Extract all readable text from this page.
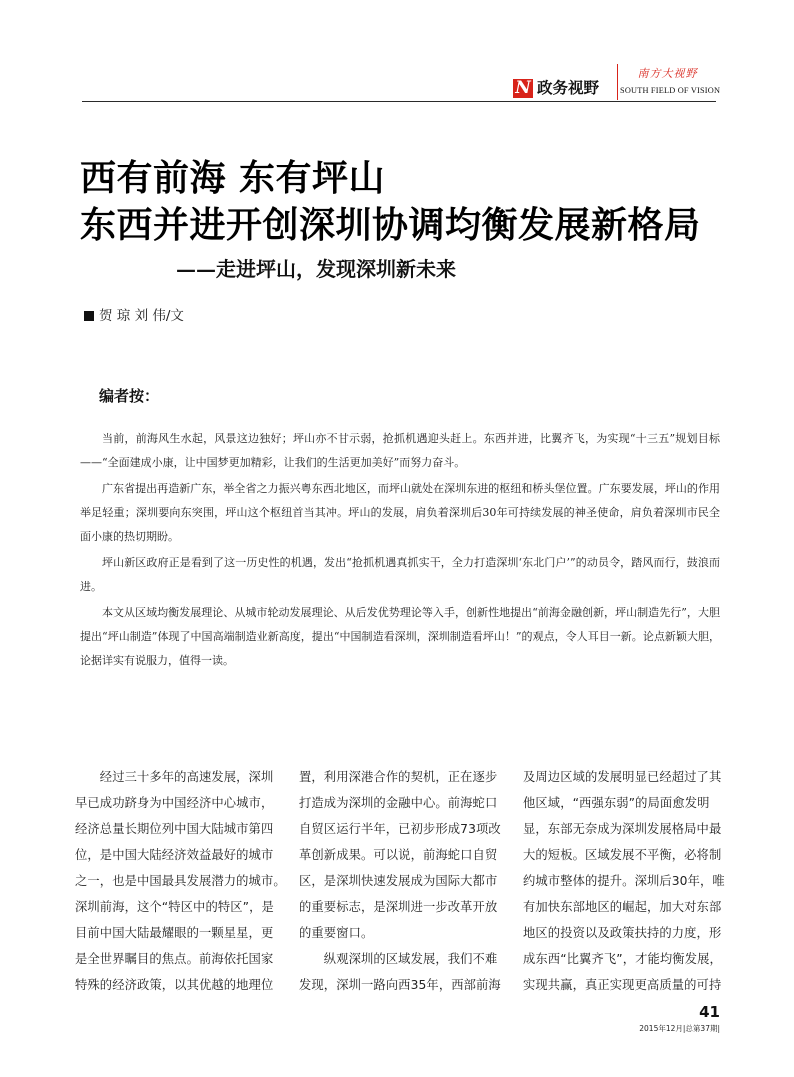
N 政务视野
南方大视野
SOUTH FIELD OF VISION
西有前海 东有坪山
东西并进开创深圳协调均衡发展新格局
——走进坪山，发现深圳新未来
贺 琼 刘 伟/文
编者按：

当前，前海风生水起，风景这边独好；坪山亦不甘示弱，抢抓机遇迎头赶上。东西并进，比翼齐飞，为实现“十三五”规划目标——“全面建成小康，让中国梦更加精彩，让我们的生活更加美好”而努力奋斗。

广东省提出再造新广东，举全省之力振兴粤东西北地区，而坪山就处在深圳东进的枢纽和桥头堡位置。广东要发展，坪山的作用举足轻重；深圳要向东突围，坪山这个枢纽首当其冲。坪山的发展，肩负着深圳后30年可持续发展的神圣使命，肩负着深圳市民全面小康的热切期盼。

坪山新区政府正是看到了这一历史性的机遇，发出“抢抓机遇真抓实干，全力打造深圳‘东北门户’”的动员令，踏风而行，鼓浪而进。

本文从区域均衡发展理论、从城市轮动发展理论、从后发优势理论等入手，创新性地提出“前海金融创新，坪山制造先行”，大胆提出“坪山制造”体现了中国高端制造业新高度，提出“中国制造看深圳，深圳制造看坪山！”的观点，令人耳目一新。论点新颖大胆，论据详实有说服力，值得一读。

　　经过三十多年的高速发展，深圳
早已成功跻身为中国经济中心城市，
经济总量长期位列中国大陆城市第四
位，是中国大陆经济效益最好的城市
之一，也是中国最具发展潜力的城市。
深圳前海，这个“特区中的特区”，是
目前中国大陆最耀眼的一颗星星，更
是全世界瞩目的焦点。前海依托国家
特殊的经济政策，以其优越的地理位
置，利用深港合作的契机，正在逐步
打造成为深圳的金融中心。前海蛇口
自贸区运行半年，已初步形成73项改
革创新成果。可以说，前海蛇口自贸
区，是深圳快速发展成为国际大都市
的重要标志，是深圳进一步改革开放
的重要窗口。
　　纵观深圳的区域发展，我们不难
发现，深圳一路向西35年，西部前海
及周边区域的发展明显已经超过了其
他区域，“西强东弱”的局面愈发明
显，东部无奈成为深圳发展格局中最
大的短板。区域发展不平衡，必将制
约城市整体的提升。深圳后30年，唯
有加快东部地区的崛起，加大对东部
地区的投资以及政策扶持的力度，形
成东西“比翼齐飞”，才能均衡发展，
实现共赢，真正实现更高质量的可持
41
2015年12月|总第37期|
